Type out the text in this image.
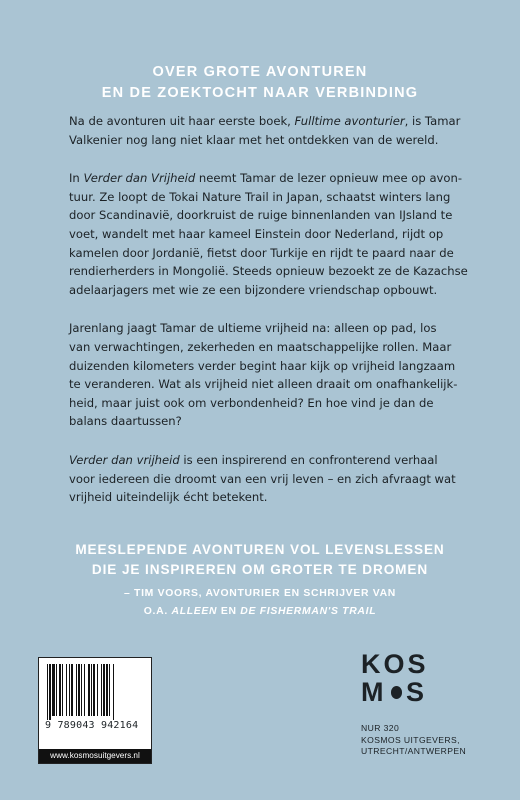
OVER GROTE AVONTUREN
EN DE ZOEKTOCHT NAAR VERBINDING

Na de avonturen uit haar eerste boek, Fulltime avonturier, is Tamar
Valkenier nog lang niet klaar met het ontdekken van de wereld.

In Verder dan Vrijheid neemt Tamar de lezer opnieuw mee op avon-
tuur. Ze loopt de Tokai Nature Trail in Japan, schaatst winters lang
door Scandinavië, doorkruist de ruige binnenlanden van IJsland te
voet, wandelt met haar kameel Einstein door Nederland, rijdt op
kamelen door Jordanië, fietst door Turkije en rijdt te paard naar de
rendierherders in Mongolië. Steeds opnieuw bezoekt ze de Kazachse
adelaarjagers met wie ze een bijzondere vriendschap opbouwt.

Jarenlang jaagt Tamar de ultieme vrijheid na: alleen op pad, los
van verwachtingen, zekerheden en maatschappelijke rollen. Maar
duizenden kilometers verder begint haar kijk op vrijheid langzaam
te veranderen. Wat als vrijheid niet alleen draait om onafhankelijk-
heid, maar juist ook om verbondenheid? En hoe vind je dan de
balans daartussen?

Verder dan vrijheid is een inspirerend en confronterend verhaal
voor iedereen die droomt van een vrij leven – en zich afvraagt wat
vrijheid uiteindelijk écht betekent.

MEESLEPENDE AVONTUREN VOL LEVENSLESSEN
DIE JE INSPIREREN OM GROTER TE DROMEN
– TIM VOORS, AVONTURIER EN SCHRIJVER VAN
O.A. ALLEEN EN DE FISHERMAN'S TRAIL
9 789043 942164
www.kosmosuitgevers.nl
KOS
M S
NUR 320
KOSMOS UITGEVERS,
UTRECHT/ANTWERPEN
